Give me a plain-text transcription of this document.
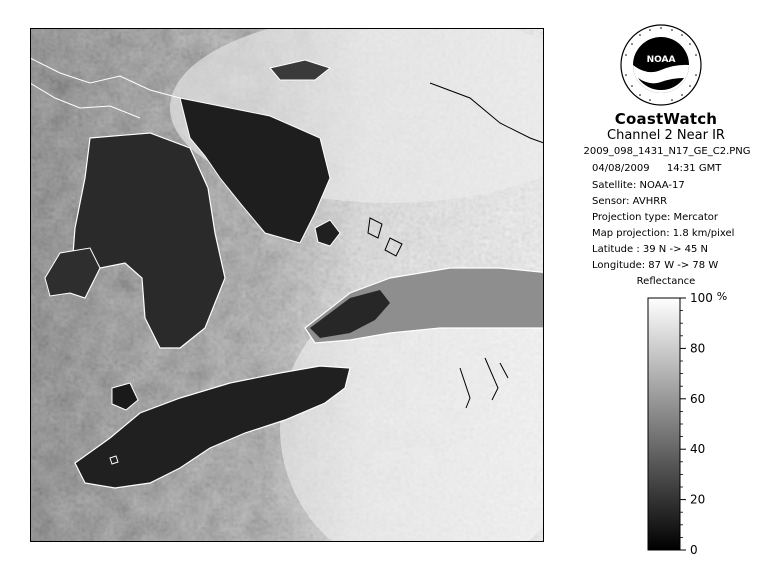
NOAA
CoastWatch
Channel 2 Near IR
2009_098_1431_N17_GE_C2.PNG
04/08/2009 14:31 GMT
Satellite: NOAA-17
Sensor: AVHRR
Projection type: Mercator
Map projection: 1.8 km/pixel
Latitude : 39 N -> 45 N
Longitude: 87 W -> 78 W
Reflectance
%
100
80
60
40
20
0
